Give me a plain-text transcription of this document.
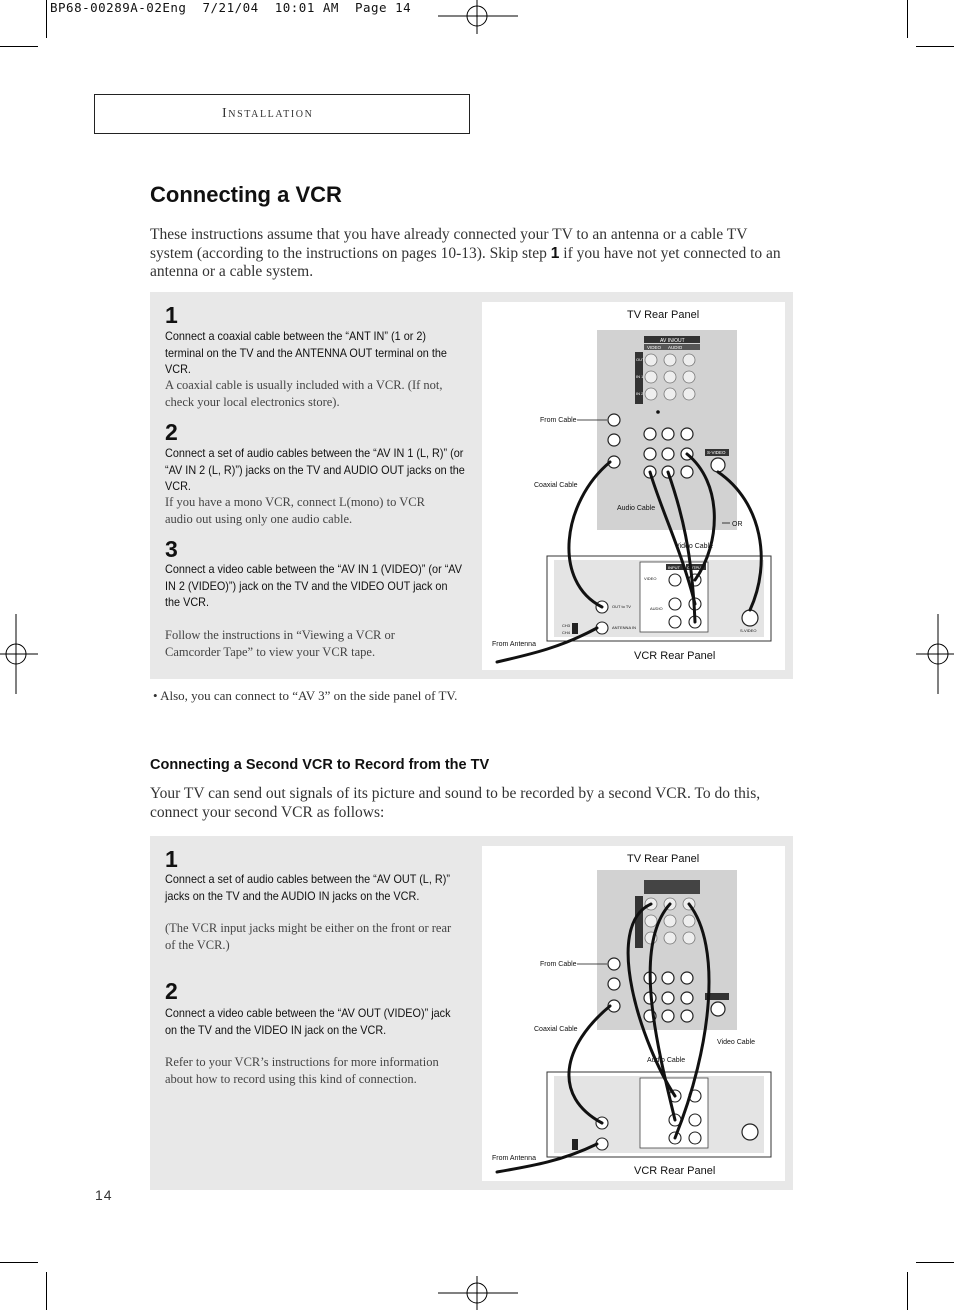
BP68-00289A-02Eng  7/21/04  10:01 AM  Page 14
Installation
Connecting a VCR
These instructions assume that you have already connected your TV to an antenna or a cable TV system (according to the instructions on pages 10-13). Skip step 1 if you have not yet connected to an antenna or a cable system.
1
Connect a coaxial cable between the “ANT IN” (1 or 2) terminal on the TV and the ANTENNA OUT terminal on the VCR.
A coaxial cable is usually included with a VCR. (If not, check your local electronics store).
2
Connect a set of audio cables between the “AV IN 1 (L, R)” (or “AV IN 2 (L, R)”) jacks on the TV and AUDIO OUT jacks on the VCR.
If you have a mono VCR, connect L(mono) to VCR audio out using only one audio cable.
3
Connect a video cable between the “AV IN 1 (VIDEO)” (or “AV IN 2 (VIDEO)”) jack on the TV and the VIDEO OUT jack on the VCR.
Follow the instructions in “Viewing a VCR or Camcorder Tape” to view your VCR tape.
TV Rear Panel
AV IN/OUT
VIDEO AUDIO
OUT
IN 1
IN 2
S-VIDEO
From Cable
Coaxial Cable
Audio Cable
OR
Video Cable
INPUT OUTPUT
VIDEO
AUDIO
OUT to TV
ANTENNA IN
CH3
CH4	S-VIDEO
From Antenna
VCR Rear Panel
• Also, you can connect to “AV 3” on the side panel of TV.
Connecting a Second VCR to Record from the TV
Your TV can send out signals of its picture and sound to be recorded by a second VCR. To do this, connect your second VCR as follows:
1
Connect a set of audio cables between the “AV OUT (L, R)” jacks on the TV and the AUDIO IN jacks on the VCR.
(The VCR input jacks might be either on the front or rear of the VCR.)
2
Connect a video cable between the “AV OUT (VIDEO)” jack on the TV and the VIDEO IN jack on the VCR.
Refer to your VCR’s instructions for more information about how to record using this kind of connection.
TV Rear Panel
From Cable
Coaxial Cable
Audio Cable
Video Cable
From Antenna
VCR Rear Panel
14
